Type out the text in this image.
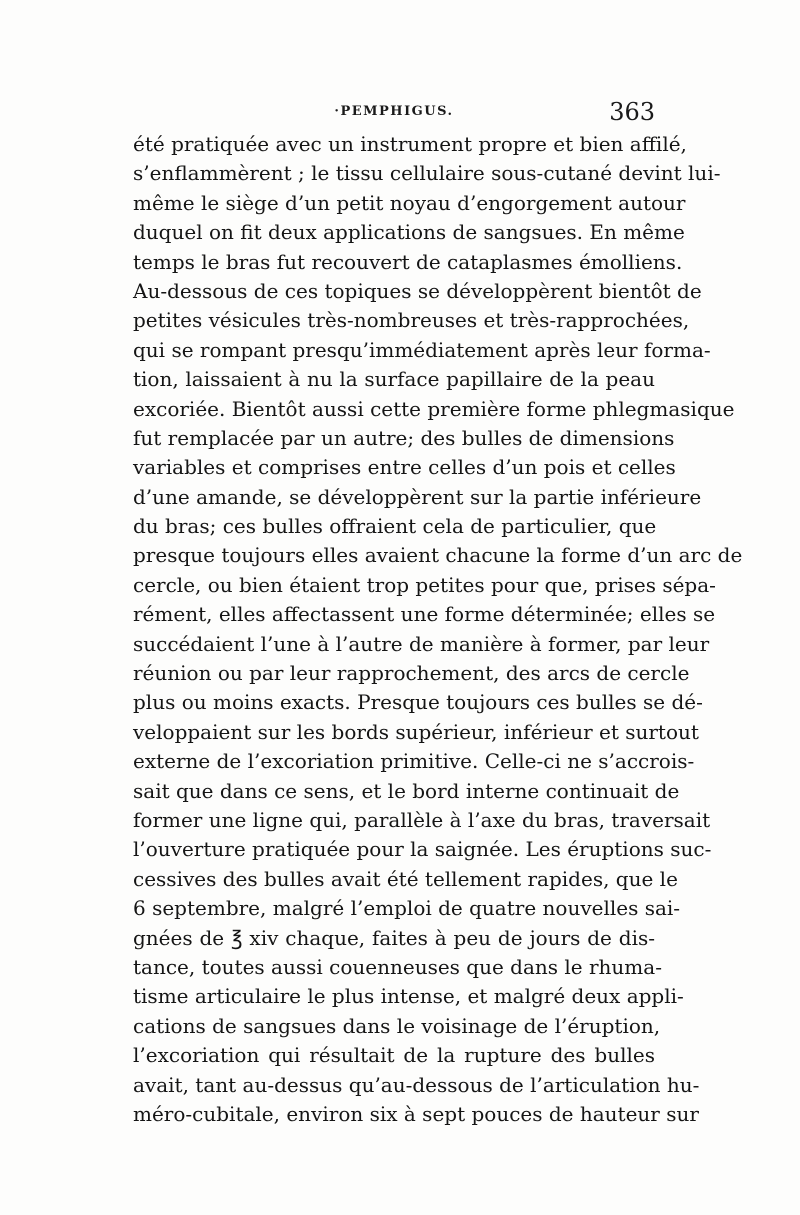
·PEMPHIGUS.	363
été pratiquée avec un instrument propre et bien affilé,
s’enflammèrent ; le tissu cellulaire sous-cutané devint lui-
même le siège d’un petit noyau d’engorgement autour
duquel on fit deux applications de sangsues. En même
temps le bras fut recouvert de cataplasmes émolliens.
Au-dessous de ces topiques se développèrent bientôt de
petites vésicules très-nombreuses et très-rapprochées,
qui se rompant presqu’immédiatement après leur forma-
tion, laissaient à nu la surface papillaire de la peau
excoriée. Bientôt aussi cette première forme phlegmasique
fut remplacée par un autre; des bulles de dimensions
variables et comprises entre celles d’un pois et celles
d’une amande, se développèrent sur la partie inférieure
du bras; ces bulles offraient cela de particulier, que
presque toujours elles avaient chacune la forme d’un arc de
cercle, ou bien étaient trop petites pour que, prises sépa-
rément, elles affectassent une forme déterminée; elles se
succédaient l’une à l’autre de manière à former, par leur
réunion ou par leur rapprochement, des arcs de cercle
plus ou moins exacts. Presque toujours ces bulles se dé-
veloppaient sur les bords supérieur, inférieur et surtout
externe de l’excoriation primitive. Celle-ci ne s’accrois-
sait que dans ce sens, et le bord interne continuait de
former une ligne qui, parallèle à l’axe du bras, traversait
l’ouverture pratiquée pour la saignée. Les éruptions suc-
cessives des bulles avait été tellement rapides, que le
6 septembre, malgré l’emploi de quatre nouvelles sai-
gnées de ℥ xiv chaque, faites à peu de jours de dis-
tance, toutes aussi couenneuses que dans le rhuma-
tisme articulaire le plus intense, et malgré deux appli-
cations de sangsues dans le voisinage de l’éruption,
l’excoriation qui résultait de la rupture des bulles
avait, tant au-dessus qu’au-dessous de l’articulation hu-
méro-cubitale, environ six à sept pouces de hauteur sur
